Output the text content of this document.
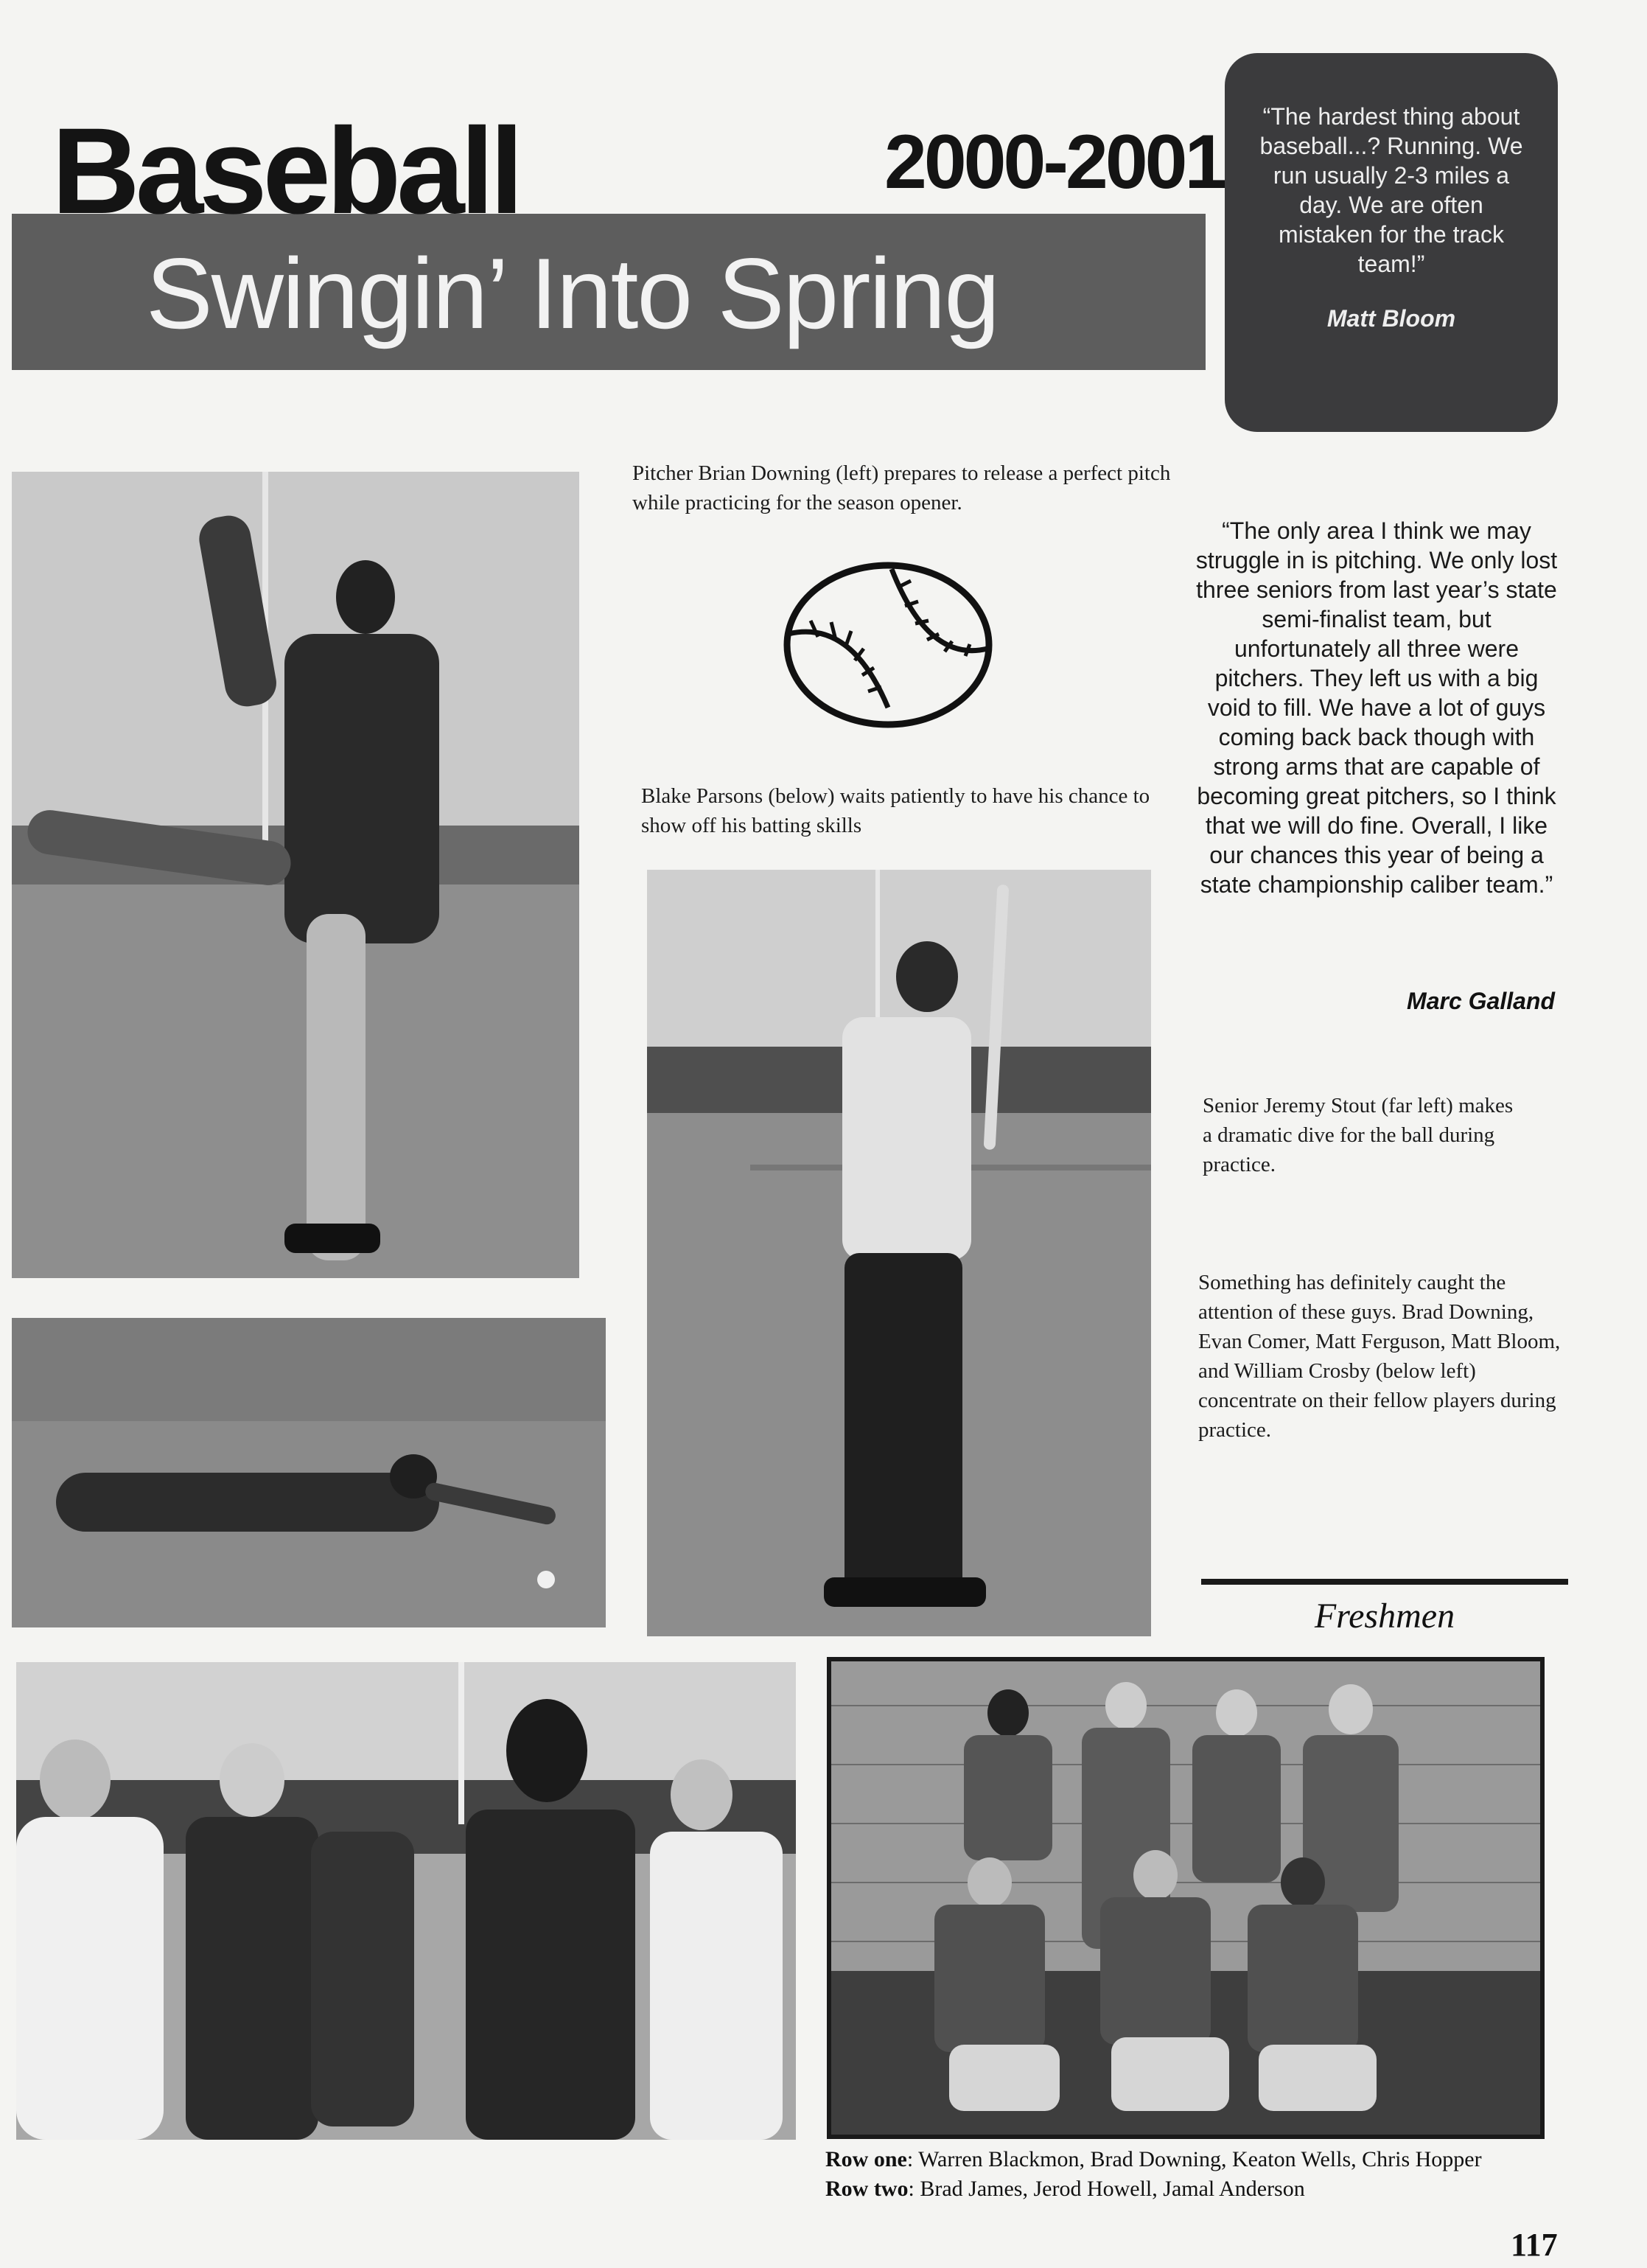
Baseball	2000-2001
Swingin’ Into Spring
“The hardest thing about baseball...? Running. We run usually 2-3 miles a day. We are often mistaken for the track team!”
Matt Bloom
Pitcher Brian Downing (left) prepares to release a perfect pitch while practicing for the season opener.
Blake Parsons (below) waits patiently to have his chance to show off his batting skills
“The only area I think we may struggle in is pitching. We only lost three seniors from last year’s state semi-finalist team, but unfortunately all three were pitchers. They left us with a big void to fill. We have a lot of guys coming back back though with strong arms that are capable of becoming great pitchers, so I think that we will do fine. Overall, I like our chances this year of being a state championship caliber team.”
Marc Galland
Senior Jeremy Stout (far left) makes a dramatic dive for the ball during practice.
Something has definitely caught the attention of these guys. Brad Downing, Evan Comer, Matt Ferguson, Matt Bloom, and William Crosby (below left) concentrate on their fellow players during practice.
Freshmen
Row one: Warren Blackmon, Brad Downing, Keaton Wells, Chris Hopper Row two: Brad James, Jerod Howell, Jamal Anderson
117
